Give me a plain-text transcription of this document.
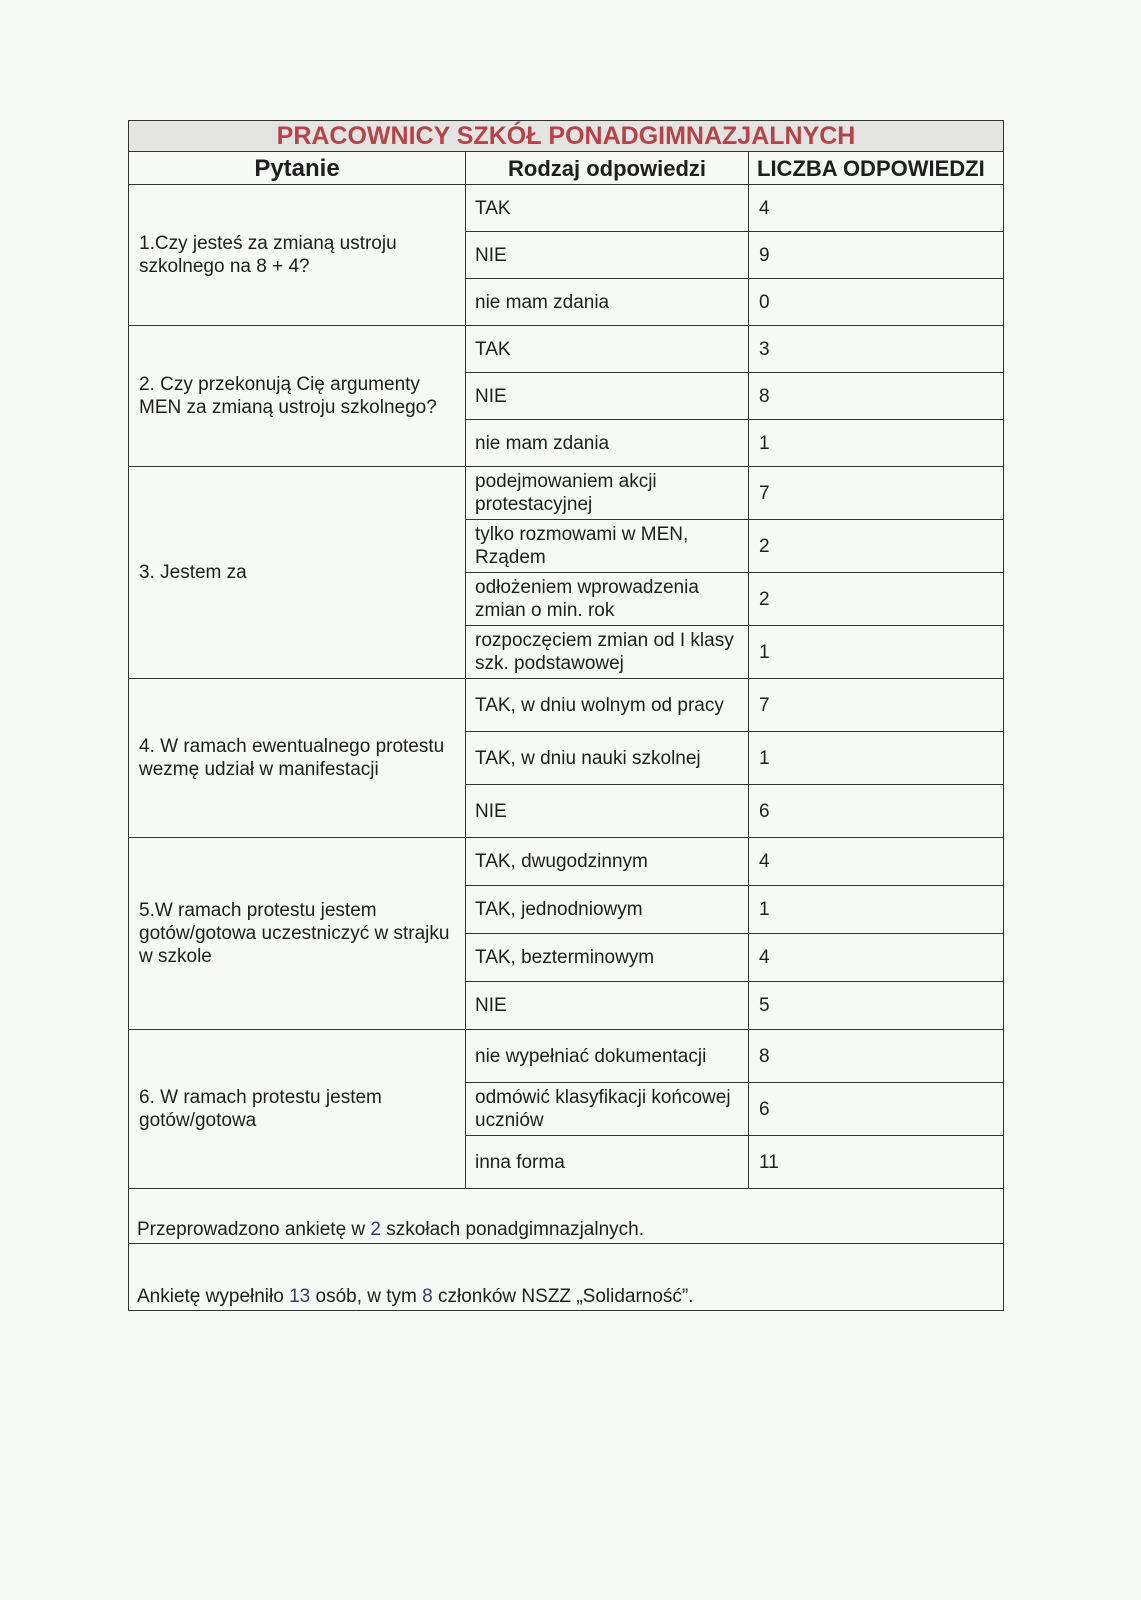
PRACOWNICY SZKÓŁ PONADGIMNAZJALNYCH		
Pytanie	Rodzaj odpowiedzi	LICZBA ODPOWIEDZI
1.Czy jesteś za zmianą ustroju szkolnego na 8 + 4?	TAK	4
	NIE	9
	nie mam zdania	0
2. Czy przekonują Cię argumenty MEN za zmianą ustroju szkolnego?	TAK	3
	NIE	8
	nie mam zdania	1
3. Jestem za	podejmowaniem akcji protestacyjnej	7
	tylko rozmowami w MEN, Rządem	2
	odłożeniem wprowadzenia zmian o min. rok	2
	rozpoczęciem zmian od I klasy szk. podstawowej	1
4. W ramach ewentualnego protestu wezmę udział w manifestacji	TAK, w dniu wolnym od pracy	7
	TAK, w dniu nauki szkolnej	1
	NIE	6
5.W ramach protestu jestem gotów/gotowa uczestniczyć w strajku w szkole	TAK, dwugodzinnym	4
	TAK, jednodniowym	1
	TAK, bezterminowym	4
	NIE	5
6. W ramach protestu jestem gotów/gotowa	nie wypełniać dokumentacji	8
	odmówić klasyfikacji końcowej uczniów	6
	inna forma	11
Przeprowadzono ankietę w 2 szkołach ponadgimnazjalnych.		
Ankietę wypełniło 13 osób, w tym 8 członków NSZZ „Solidarność”.		
